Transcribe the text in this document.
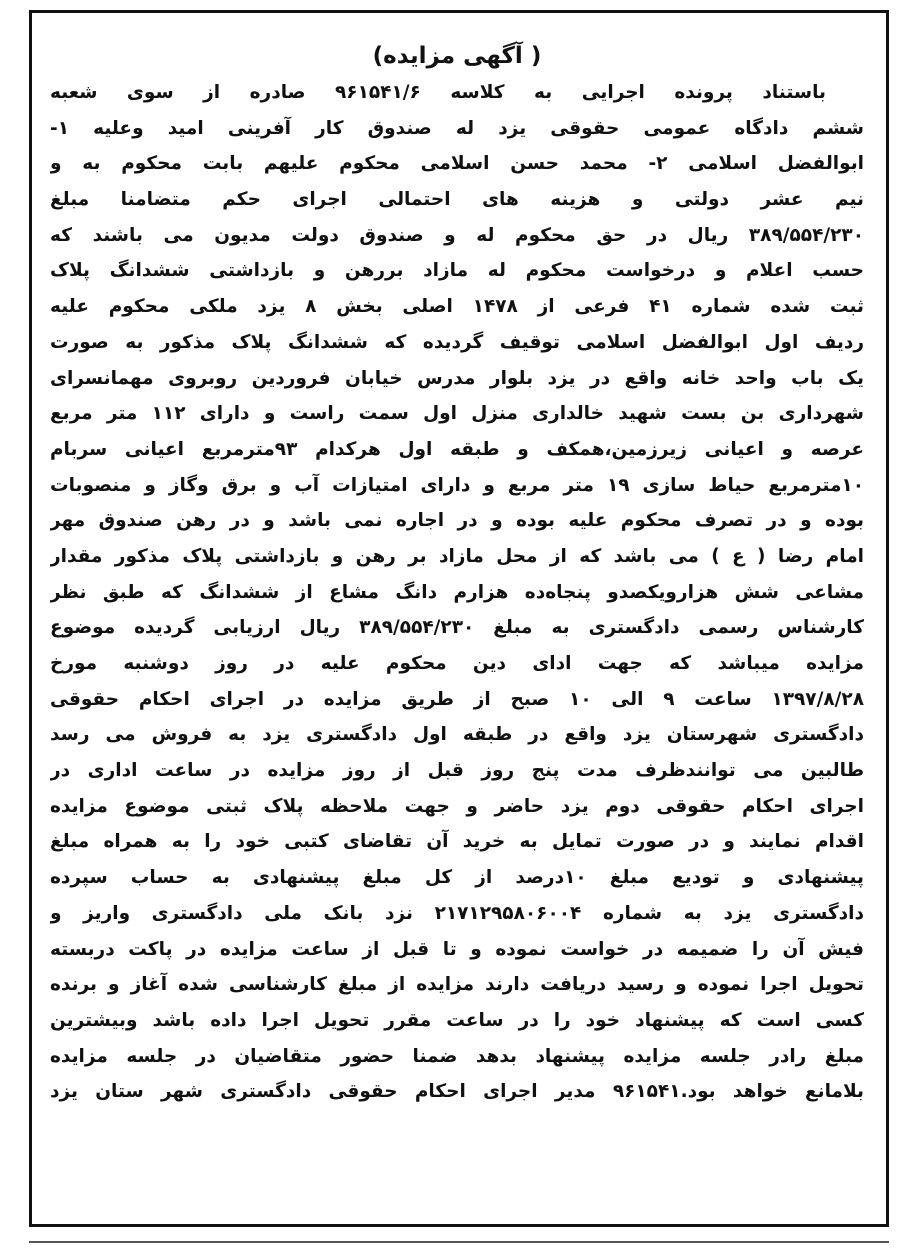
( آگهی مزایده)
باستناد پرونده اجرایی به کلاسه ۹۶۱۵۴۱/۶ صادره از سوی شعبه
ششم دادگاه عمومی حقوقی یزد له صندوق کار آفرینی امید وعلیه ۱-
ابوالفضل اسلامی ۲- محمد حسن اسلامی محکوم علیهم بابت محکوم به و
نیم عشر دولتی و هزینه های احتمالی اجرای حکم متضامنا مبلغ
۳۸۹/۵۵۴/۲۳۰ ریال در حق محکوم له و صندوق دولت مدیون می باشند که
حسب اعلام و درخواست محکوم له مازاد بررهن و بازداشتی ششدانگ پلاک
ثبت شده شماره ۴۱ فرعی از ۱۴۷۸ اصلی بخش ۸ یزد ملکی محکوم علیه
ردیف اول ابوالفضل اسلامی توقیف گردیده که ششدانگ پلاک مذکور به صورت
یک باب واحد خانه واقع در یزد بلوار مدرس خیابان فروردین روبروی مهمانسرای
شهرداری بن بست شهید خالداری منزل اول سمت راست و دارای ۱۱۲ متر مربع
عرصه و اعیانی زیرزمین،همکف و طبقه اول هرکدام ۹۳مترمربع اعیانی سربام
۱۰مترمربع حیاط سازی ۱۹ متر مربع و دارای امتیازات آب و برق وگاز و منصوبات
بوده و در تصرف محکوم علیه بوده و در اجاره نمی باشد و در رهن صندوق مهر
امام رضا ( ع ) می باشد که از محل مازاد بر رهن و بازداشتی پلاک مذکور مقدار
مشاعی شش هزارویکصدو پنجاه‌ده هزارم دانگ مشاع از ششدانگ که طبق نظر
کارشناس رسمی دادگستری به مبلغ ۳۸۹/۵۵۴/۲۳۰ ریال ارزیابی گردیده موضوع
مزایده میباشد که جهت ادای دین محکوم علیه در روز دوشنبه مورخ
۱۳۹۷/۸/۲۸ ساعت ۹ الی ۱۰ صبح از طریق مزایده در اجرای احکام حقوقی
دادگستری شهرستان یزد واقع در طبقه اول دادگستری یزد به فروش می رسد
طالبین می توانندظرف مدت پنج روز قبل از روز مزایده در ساعت اداری در
اجرای احکام حقوقی دوم یزد حاضر و جهت ملاحظه پلاک ثبتی موضوع مزایده
اقدام نمایند و در صورت تمایل به خرید آن تقاضای کتبی خود را به همراه مبلغ
پیشنهادی و تودیع مبلغ ۱۰درصد از کل مبلغ پیشنهادی به حساب سپرده
دادگستری یزد به شماره ۲۱۷۱۲۹۵۸۰۶۰۰۴ نزد بانک ملی دادگستری واریز و
فیش آن را ضمیمه در خواست نموده و تا قبل از ساعت مزایده در پاکت دربسته
تحویل اجرا نموده و رسید دریافت دارند مزایده از مبلغ کارشناسی شده آغاز و برنده
کسی است که پیشنهاد خود را در ساعت مقرر تحویل اجرا داده باشد وبیشترین
مبلغ رادر جلسه مزایده پیشنهاد بدهد ضمنا حضور متقاضیان در جلسه مزایده
بلامانع خواهد بود.۹۶۱۵۴۱ مدیر اجرای احکام حقوقی دادگستری شهر ستان یزد
